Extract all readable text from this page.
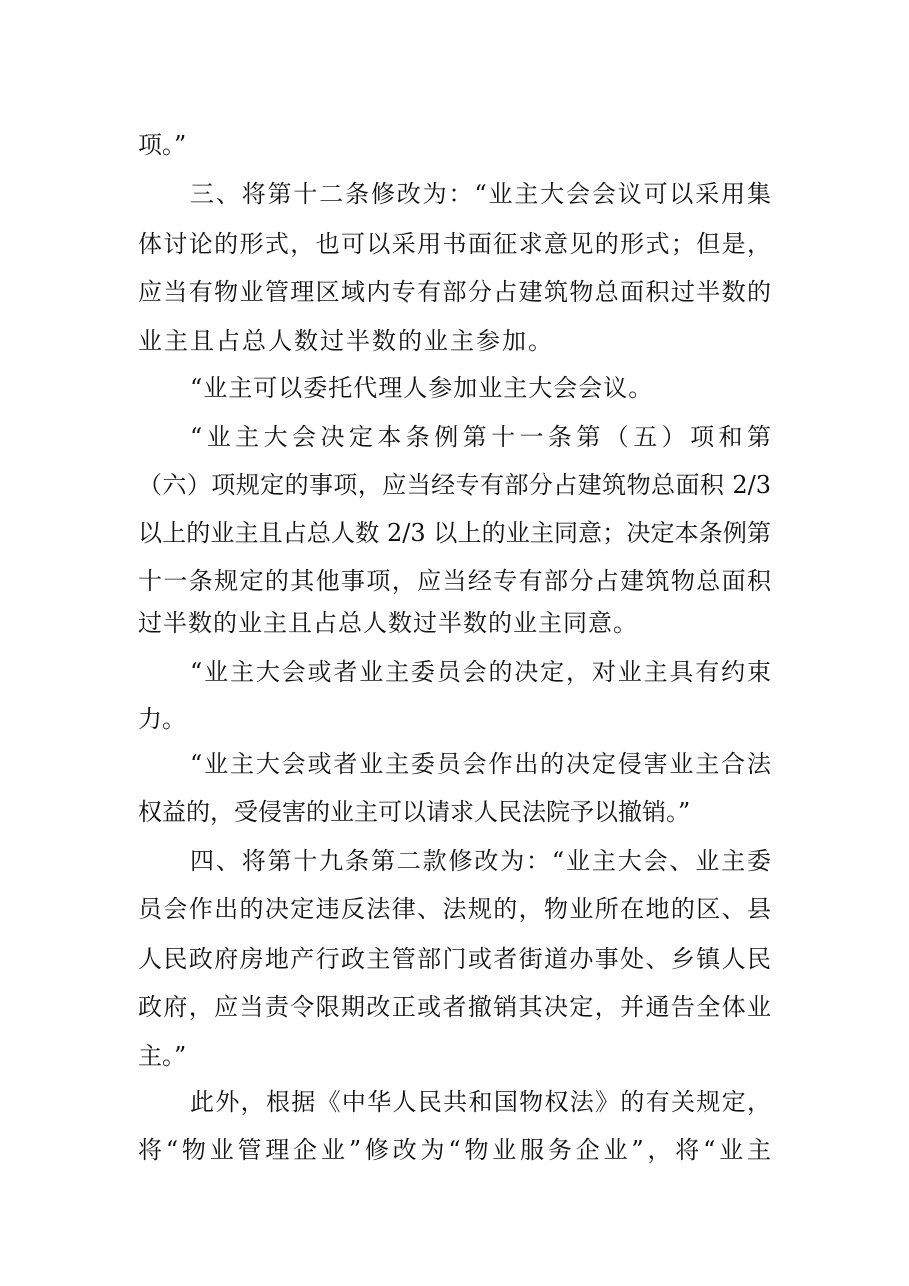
项。”
三、将第十二条修改为：“业主大会会议可以采用集
体讨论的形式，也可以采用书面征求意见的形式；但是，
应当有物业管理区域内专有部分占建筑物总面积过半数的
业主且占总人数过半数的业主参加。
“业主可以委托代理人参加业主大会会议。
“业主大会决定本条例第十一条第（五）项和第
（六）项规定的事项，应当经专有部分占建筑物总面积 2/3
以上的业主且占总人数 2/3 以上的业主同意；决定本条例第
十一条规定的其他事项，应当经专有部分占建筑物总面积
过半数的业主且占总人数过半数的业主同意。
“业主大会或者业主委员会的决定，对业主具有约束
力。
“业主大会或者业主委员会作出的决定侵害业主合法
权益的，受侵害的业主可以请求人民法院予以撤销。”
四、将第十九条第二款修改为：“业主大会、业主委
员会作出的决定违反法律、法规的，物业所在地的区、县
人民政府房地产行政主管部门或者街道办事处、乡镇人民
政府，应当责令限期改正或者撤销其决定，并通告全体业
主。”
此外，根据《中华人民共和国物权法》的有关规定，
将“物业管理企业”修改为“物业服务企业”，将“业主
